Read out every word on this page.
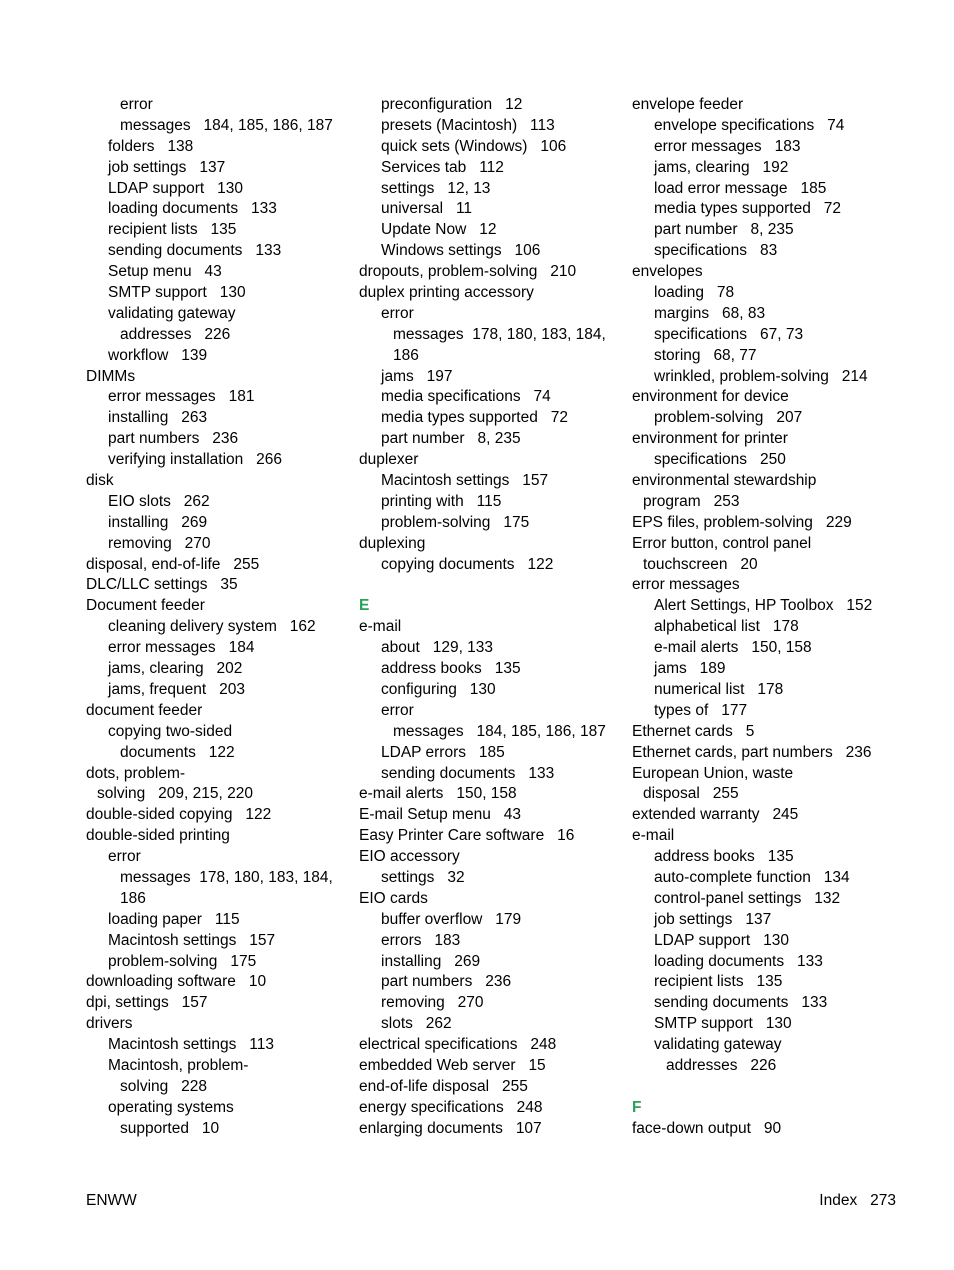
error
messages   184, 185, 186, 187
folders   138
job settings   137
LDAP support   130
loading documents   133
recipient lists   135
sending documents   133
Setup menu   43
SMTP support   130
validating gateway
addresses   226
workflow   139
DIMMs
error messages   181
installing   263
part numbers   236
verifying installation   266
disk
EIO slots   262
installing   269
removing   270
disposal, end-of-life   255
DLC/LLC settings   35
Document feeder
cleaning delivery system   162
error messages   184
jams, clearing   202
jams, frequent   203
document feeder
copying two-sided
documents   122
dots, problem-
solving   209, 215, 220
double-sided copying   122
double-sided printing
error
messages  178, 180, 183, 184,
186
loading paper   115
Macintosh settings   157
problem-solving   175
downloading software   10
dpi, settings   157
drivers
Macintosh settings   113
Macintosh, problem-
solving   228
operating systems
supported   10
preconfiguration   12
presets (Macintosh)   113
quick sets (Windows)   106
Services tab   112
settings   12, 13
universal   11
Update Now   12
Windows settings   106
dropouts, problem-solving   210
duplex printing accessory
error
messages  178, 180, 183, 184,
186
jams   197
media specifications   74
media types supported   72
part number   8, 235
duplexer
Macintosh settings   157
printing with   115
problem-solving   175
duplexing
copying documents   122
E
e-mail
about   129, 133
address books   135
configuring   130
error
messages   184, 185, 186, 187
LDAP errors   185
sending documents   133
e-mail alerts   150, 158
E-mail Setup menu   43
Easy Printer Care software   16
EIO accessory
settings   32
EIO cards
buffer overflow   179
errors   183
installing   269
part numbers   236
removing   270
slots   262
electrical specifications   248
embedded Web server   15
end-of-life disposal   255
energy specifications   248
enlarging documents   107
envelope feeder
envelope specifications   74
error messages   183
jams, clearing   192
load error message   185
media types supported   72
part number   8, 235
specifications   83
envelopes
loading   78
margins   68, 83
specifications   67, 73
storing   68, 77
wrinkled, problem-solving   214
environment for device
problem-solving   207
environment for printer
specifications   250
environmental stewardship
program   253
EPS files, problem-solving   229
Error button, control panel
touchscreen   20
error messages
Alert Settings, HP Toolbox   152
alphabetical list   178
e-mail alerts   150, 158
jams   189
numerical list   178
types of   177
Ethernet cards   5
Ethernet cards, part numbers   236
European Union, waste
disposal   255
extended warranty   245
e-mail
address books   135
auto-complete function   134
control-panel settings   132
job settings   137
LDAP support   130
loading documents   133
recipient lists   135
sending documents   133
SMTP support   130
validating gateway
addresses   226
F
face-down output   90
ENWW	Index   273
